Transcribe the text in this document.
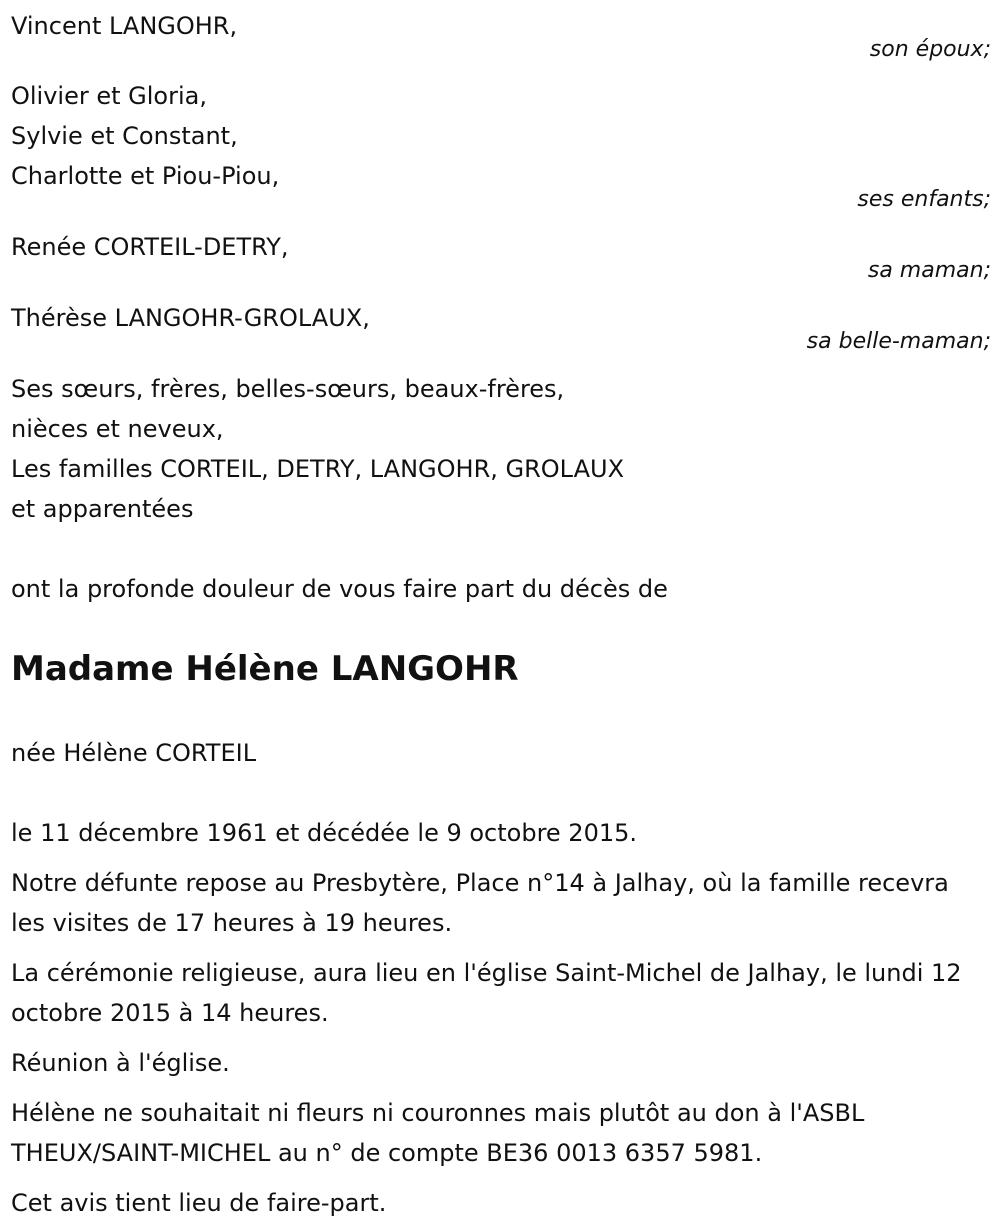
Vincent LANGOHR,
son époux;
Olivier et Gloria,
Sylvie et Constant,
Charlotte et Piou-Piou,
ses enfants;
Renée CORTEIL-DETRY,
sa maman;
Thérèse LANGOHR-GROLAUX,
sa belle-maman;
Ses sœurs, frères, belles-sœurs, beaux-frères,
nièces et neveux,
Les familles CORTEIL, DETRY, LANGOHR, GROLAUX
et apparentées
ont la profonde douleur de vous faire part du décès de
Madame Hélène LANGOHR
née Hélène CORTEIL
le 11 décembre 1961 et décédée le 9 octobre 2015.
Notre défunte repose au Presbytère, Place n°14 à Jalhay, où la famille recevra les visites de 17 heures à 19 heures.
La cérémonie religieuse, aura lieu en l'église Saint-Michel de Jalhay, le lundi 12 octobre 2015 à 14 heures.
Réunion à l'église.
Hélène ne souhaitait ni fleurs ni couronnes mais plutôt au don à l'ASBL THEUX/SAINT-MICHEL au n° de compte BE36 0013 6357 5981.
Cet avis tient lieu de faire-part.
